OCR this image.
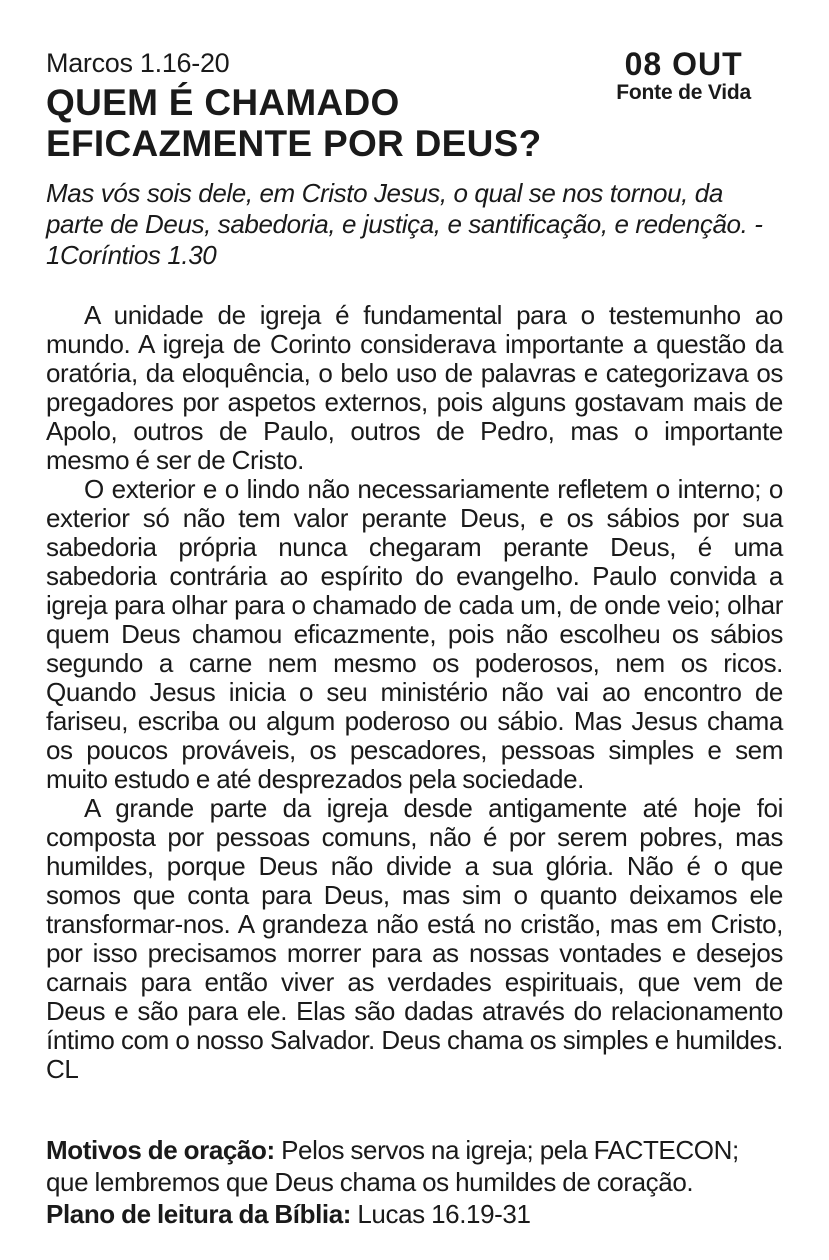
Marcos 1.16-20
QUEM É CHAMADO
EFICAZMENTE POR DEUS?
08 OUT
Fonte de Vida

Mas vós sois dele, em Cristo Jesus, o qual se nos tornou, da parte de Deus, sabedoria, e justiça, e santificação, e redenção. - 1Coríntios 1.30

A unidade de igreja é fundamental para o testemunho ao mundo. A igreja de Corinto considerava importante a questão da oratória, da eloquência, o belo uso de palavras e categorizava os pregadores por aspetos externos, pois alguns gostavam mais de Apolo, outros de Paulo, outros de Pedro, mas o importante mesmo é ser de Cristo.

O exterior e o lindo não necessariamente refletem o interno; o exterior só não tem valor perante Deus, e os sábios por sua sabedoria própria nunca chegaram perante Deus, é uma sabedoria contrária ao espírito do evangelho. Paulo convida a igreja para olhar para o chamado de cada um, de onde veio; olhar quem Deus chamou eficazmente, pois não escolheu os sábios segundo a carne nem mesmo os poderosos, nem os ricos. Quando Jesus inicia o seu ministério não vai ao encontro de fariseu, escriba ou algum poderoso ou sábio. Mas Jesus chama os poucos prováveis, os pescadores, pessoas simples e sem muito estudo e até desprezados pela sociedade.

A grande parte da igreja desde antigamente até hoje foi composta por pessoas comuns, não é por serem pobres, mas humildes, porque Deus não divide a sua glória. Não é o que somos que conta para Deus, mas sim o quanto deixamos ele transformar-nos. A grandeza não está no cristão, mas em Cristo, por isso precisamos morrer para as nossas vontades e desejos carnais para então viver as verdades espirituais, que vem de Deus e são para ele. Elas são dadas através do relacionamento íntimo com o nosso Salvador. Deus chama os simples e humildes. CL

Motivos de oração: Pelos servos na igreja; pela FACTECON; que lembremos que Deus chama os humildes de coração.

Plano de leitura da Bíblia: Lucas 16.19-31
